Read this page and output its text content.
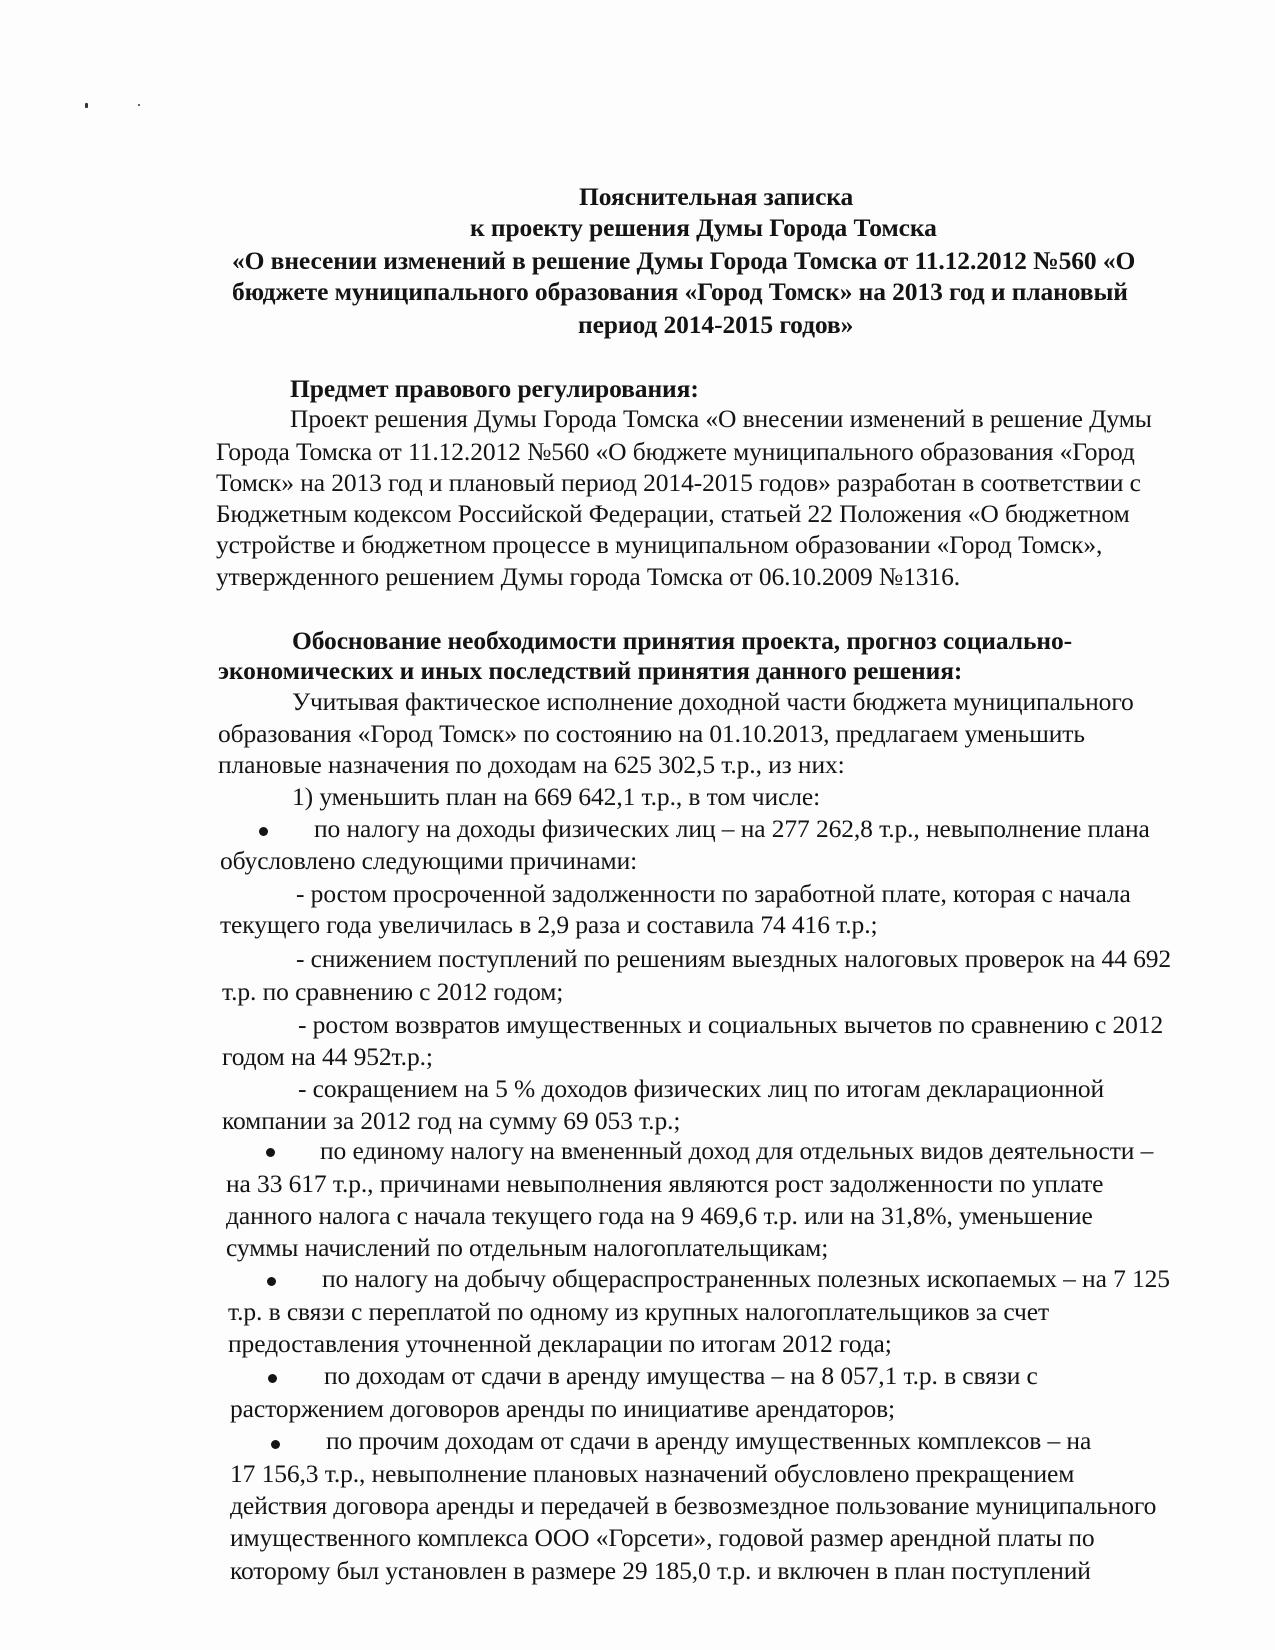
Пояснительная записка
к проекту решения Думы Города Томска
«О внесении изменений в решение Думы Города Томска от 11.12.2012 №560 «О
бюджете муниципального образования «Город Томск» на 2013 год и плановый
период 2014-2015 годов»
Предмет правового регулирования:
Проект решения Думы Города Томска «О внесении изменений в решение Думы
Города Томска от 11.12.2012 №560 «О бюджете муниципального образования «Город
Томск» на 2013 год и плановый период 2014-2015 годов» разработан в соответствии с
Бюджетным кодексом Российской Федерации, статьей 22 Положения «О бюджетном
устройстве и бюджетном процессе в муниципальном образовании «Город Томск»,
утвержденного решением Думы города Томска от 06.10.2009 №1316.
Обоснование необходимости принятия проекта, прогноз социально-
экономических и иных последствий принятия данного решения:
Учитывая фактическое исполнение доходной части бюджета муниципального
образования «Город Томск» по состоянию на 01.10.2013, предлагаем уменьшить
плановые назначения по доходам на 625 302,5 т.р., из них:
1) уменьшить план на 669 642,1 т.р., в том числе:
по налогу на доходы физических лиц – на 277 262,8 т.р., невыполнение плана
обусловлено следующими причинами:
- ростом просроченной задолженности по заработной плате, которая с начала
текущего года увеличилась в 2,9 раза и составила 74 416 т.р.;
- снижением поступлений по решениям выездных налоговых проверок на 44 692
т.р. по сравнению с 2012 годом;
- ростом возвратов имущественных и социальных вычетов по сравнению с 2012
годом на 44 952т.р.;
- сокращением на 5 % доходов физических лиц по итогам декларационной
компании за 2012 год на сумму 69 053 т.р.;
по единому налогу на вмененный доход для отдельных видов деятельности –
на 33 617 т.р., причинами невыполнения являются рост задолженности по уплате
данного налога с начала текущего года на 9 469,6 т.р. или на 31,8%, уменьшение
суммы начислений по отдельным налогоплательщикам;
по налогу на добычу общераспространенных полезных ископаемых – на 7 125
т.р. в связи с переплатой по одному из крупных налогоплательщиков за счет
предоставления уточненной декларации по итогам 2012 года;
по доходам от сдачи в аренду имущества – на 8 057,1 т.р. в связи с
расторжением договоров аренды по инициативе арендаторов;
по прочим доходам от сдачи в аренду имущественных комплексов – на
17 156,3 т.р., невыполнение плановых назначений обусловлено прекращением
действия договора аренды и передачей в безвозмездное пользование муниципального
имущественного комплекса ООО «Горсети», годовой размер арендной платы по
которому был установлен в размере 29 185,0 т.р. и включен в план поступлений
